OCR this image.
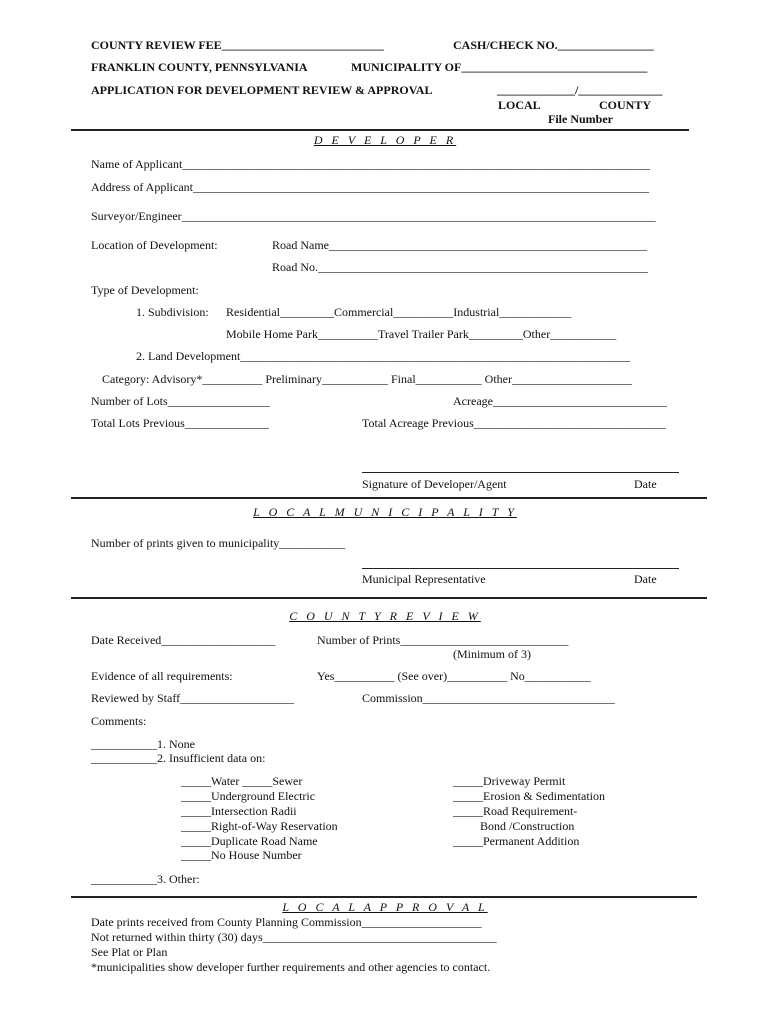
COUNTY REVIEW FEE___________________________	CASH/CHECK NO.________________
FRANKLIN COUNTY, PENNSYLVANIA	MUNICIPALITY OF_______________________________
APPLICATION FOR DEVELOPMENT REVIEW & APPROVAL	_____________/______________
LOCAL	COUNTY
File Number
D E V E L O P E R
Name of Applicant______________________________________________________________________________
Address of Applicant____________________________________________________________________________
Surveyor/Engineer_______________________________________________________________________________
Location of Development:	Road Name_____________________________________________________
Road No._______________________________________________________
Type of Development:
1. Subdivision: Residential_________Commercial__________Industrial____________
Mobile Home Park__________Travel Trailer Park_________Other___________
2. Land Development_________________________________________________________________
Category: Advisory*__________ Preliminary___________ Final___________ Other____________________
Number of Lots_________________	Acreage_____________________________
Total Lots Previous______________	Total Acreage Previous________________________________
Signature of Developer/Agent	Date
L O C A L M U N I C I P A L I T Y
Number of prints given to municipality___________
Municipal Representative	Date
C O U N T Y R E V I E W
Date Received___________________	Number of Prints____________________________
(Minimum of 3)
Evidence of all requirements:	Yes__________ (See over)__________ No___________
Reviewed by Staff___________________	Commission________________________________
Comments:
___________1. None
___________2. Insufficient data on:
_____Water _____Sewer
_____Underground Electric
_____Intersection Radii
_____Right-of-Way Reservation
_____Duplicate Road Name
_____No House Number
_____Driveway Permit
_____Erosion & Sedimentation
_____Road Requirement-
Bond /Construction
_____Permanent Addition
___________3. Other:
L O C A L A P P R O V A L
Date prints received from County Planning Commission____________________
Not returned within thirty (30) days_______________________________________
See Plat or Plan
*municipalities show developer further requirements and other agencies to contact.
